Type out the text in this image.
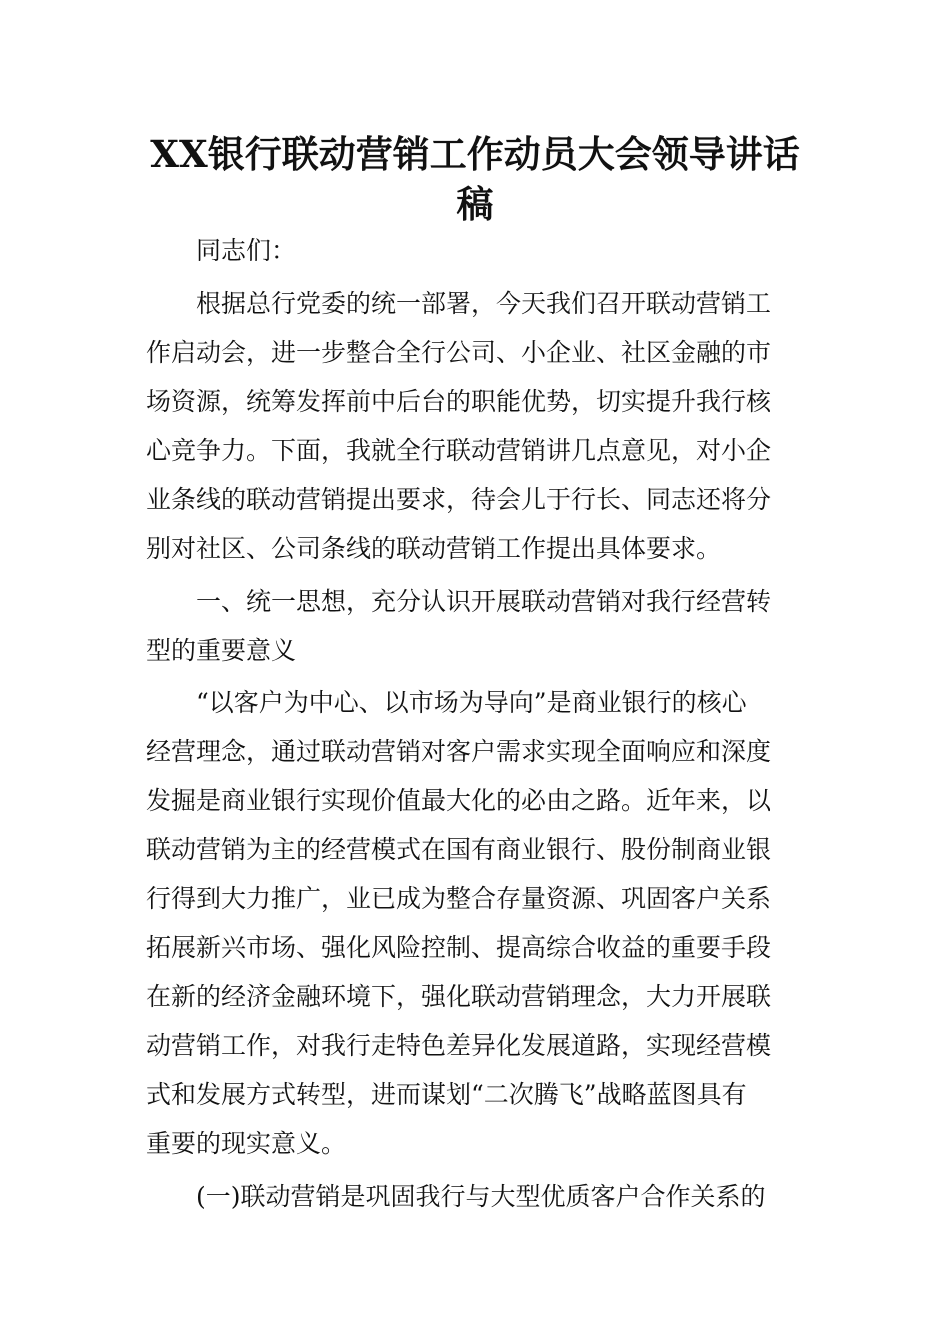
XX银行联动营销工作动员大会领导讲话
稿

同志们：

根据总行党委的统一部署，今天我们召开联动营销工

作启动会，进一步整合全行公司、小企业、社区金融的市

场资源，统筹发挥前中后台的职能优势，切实提升我行核

心竞争力。下面，我就全行联动营销讲几点意见，对小企

业条线的联动营销提出要求，待会儿于行长、同志还将分

别对社区、公司条线的联动营销工作提出具体要求。

一、统一思想，充分认识开展联动营销对我行经营转

型的重要意义

“以客户为中心、以市场为导向”是商业银行的核心

经营理念，通过联动营销对客户需求实现全面响应和深度

发掘是商业银行实现价值最大化的必由之路。近年来，以

联动营销为主的经营模式在国有商业银行、股份制商业银

行得到大力推广，业已成为整合存量资源、巩固客户关系

拓展新兴市场、强化风险控制、提高综合收益的重要手段

在新的经济金融环境下，强化联动营销理念，大力开展联

动营销工作，对我行走特色差异化发展道路，实现经营模

式和发展方式转型，进而谋划“二次腾飞”战略蓝图具有

重要的现实意义。

(一)联动营销是巩固我行与大型优质客户合作关系的
